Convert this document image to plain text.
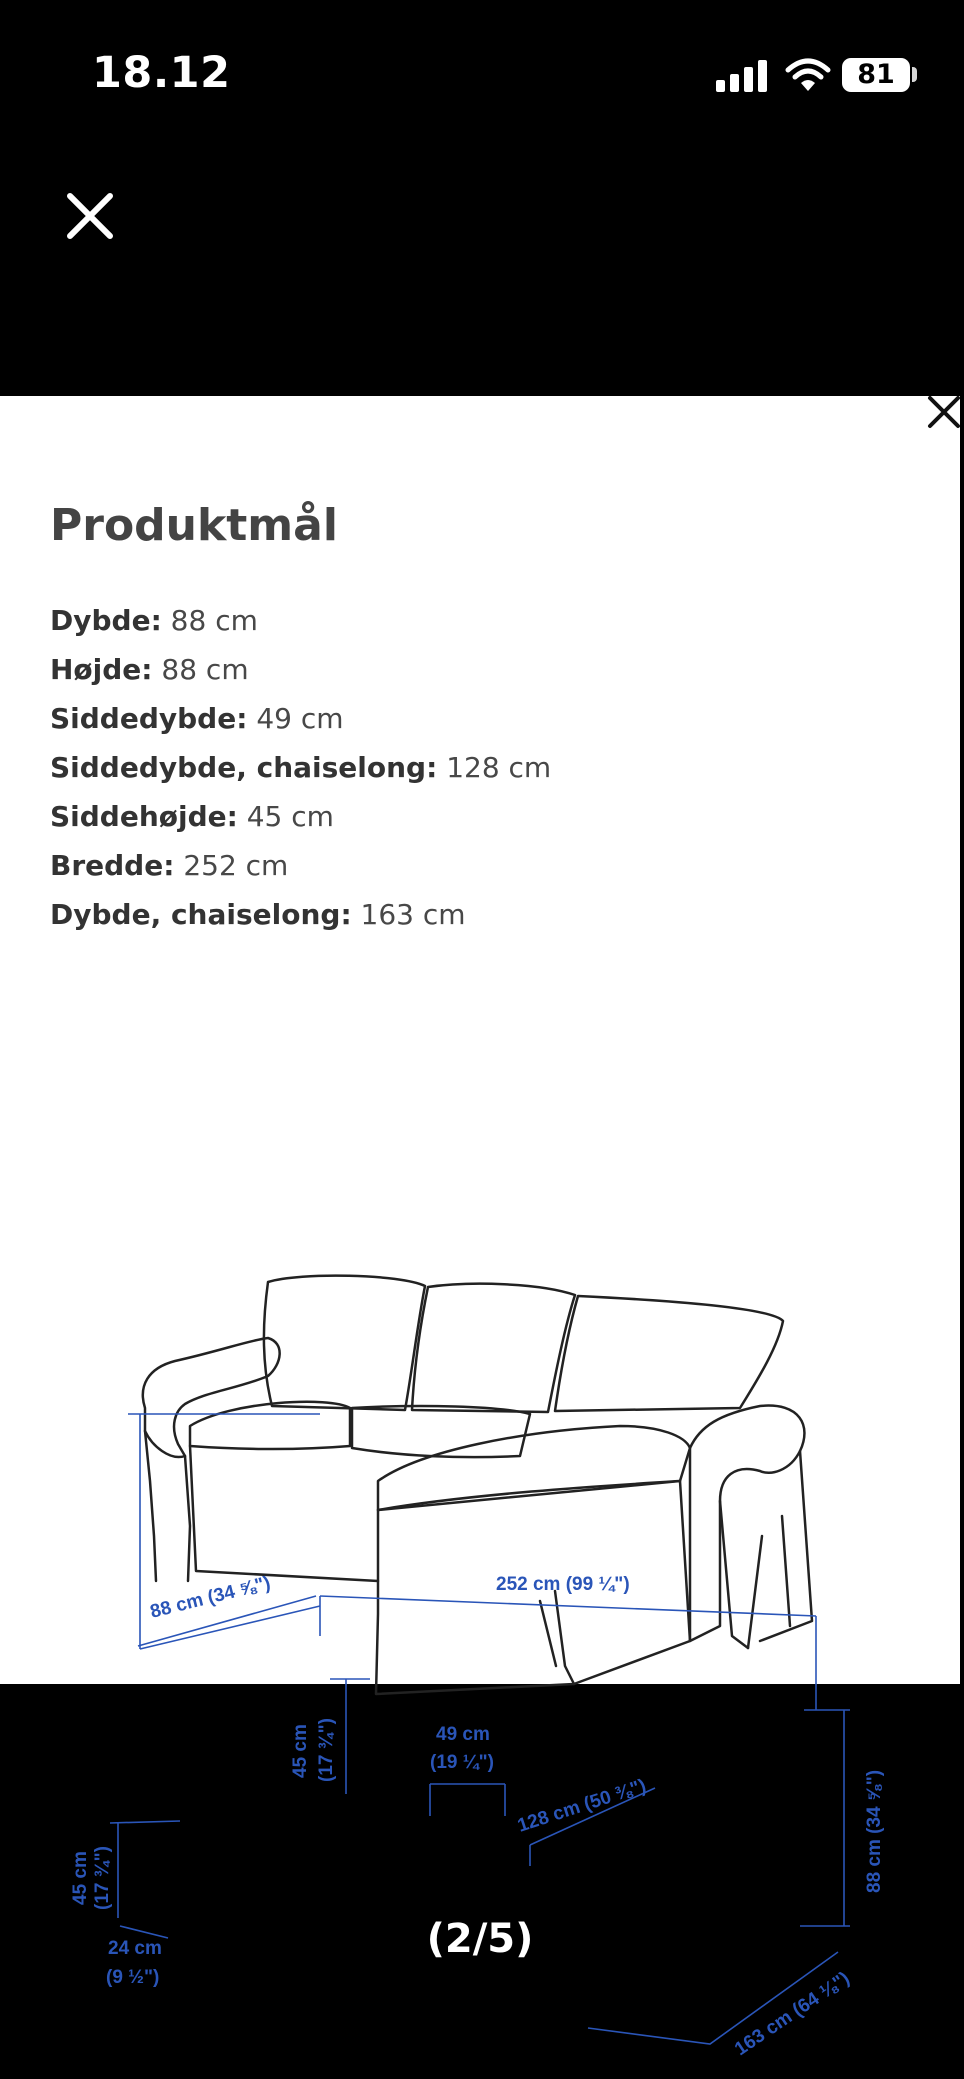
18.12	81
Produktmål
Dybde: 88 cm
Højde: 88 cm
Siddedybde: 49 cm
Siddedybde, chaiselong: 128 cm
Siddehøjde: 45 cm
Bredde: 252 cm
Dybde, chaiselong: 163 cm
88 cm (34 ⅝")	252 cm (99 ¼")
45 cm (17 ¾")	49 cm
(19 ¼")
128 cm (50 ⅜")	88 cm (34 ⅝")
45 cm (17 ¾")
24 cm
(9 ½")	163 cm (64 ⅛")
(2/5)
